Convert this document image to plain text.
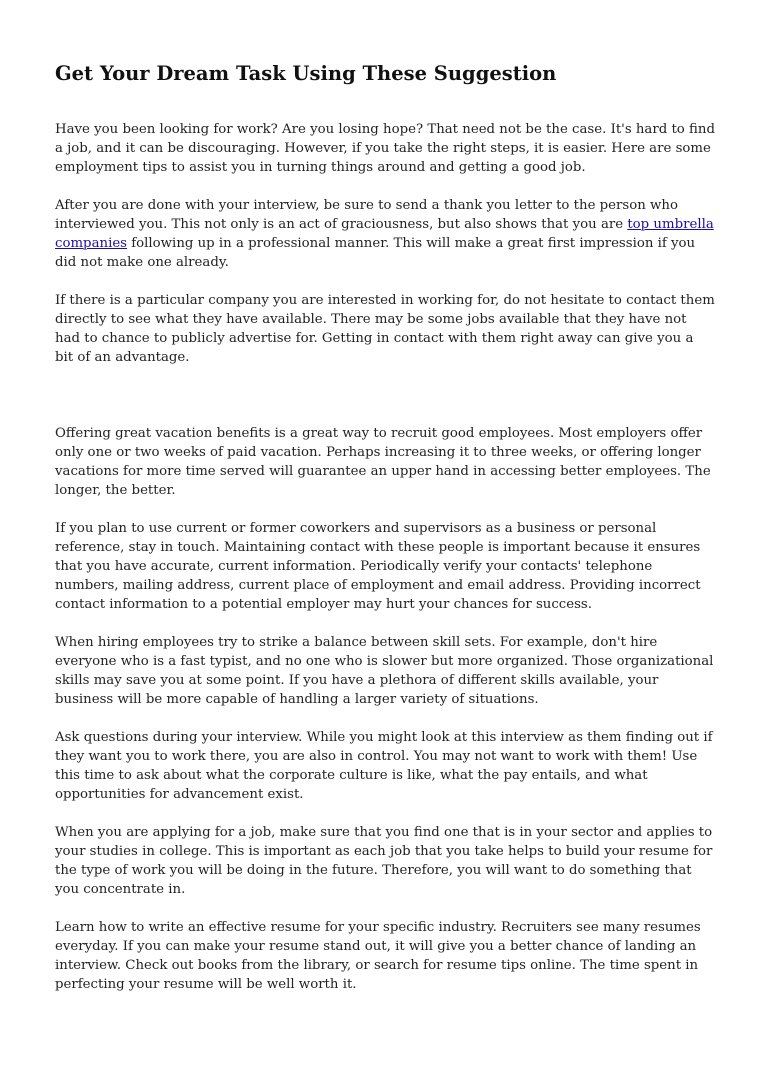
Get Your Dream Task Using These Suggestion

Have you been looking for work? Are you losing hope? That need not be the case. It's hard to find a job, and it can be discouraging. However, if you take the right steps, it is easier. Here are some employment tips to assist you in turning things around and getting a good job.

After you are done with your interview, be sure to send a thank you letter to the person who interviewed you. This not only is an act of graciousness, but also shows that you are top umbrella companies following up in a professional manner. This will make a great first impression if you did not make one already.

If there is a particular company you are interested in working for, do not hesitate to contact them directly to see what they have available. There may be some jobs available that they have not had to chance to publicly advertise for. Getting in contact with them right away can give you a bit of an advantage.

Offering great vacation benefits is a great way to recruit good employees. Most employers offer only one or two weeks of paid vacation. Perhaps increasing it to three weeks, or offering longer vacations for more time served will guarantee an upper hand in accessing better employees. The longer, the better.

If you plan to use current or former coworkers and supervisors as a business or personal reference, stay in touch. Maintaining contact with these people is important because it ensures that you have accurate, current information. Periodically verify your contacts' telephone numbers, mailing address, current place of employment and email address. Providing incorrect contact information to a potential employer may hurt your chances for success.

When hiring employees try to strike a balance between skill sets. For example, don't hire everyone who is a fast typist, and no one who is slower but more organized. Those organizational skills may save you at some point. If you have a plethora of different skills available, your business will be more capable of handling a larger variety of situations.

Ask questions during your interview. While you might look at this interview as them finding out if they want you to work there, you are also in control. You may not want to work with them! Use this time to ask about what the corporate culture is like, what the pay entails, and what opportunities for advancement exist.

When you are applying for a job, make sure that you find one that is in your sector and applies to your studies in college. This is important as each job that you take helps to build your resume for the type of work you will be doing in the future. Therefore, you will want to do something that you concentrate in.

Learn how to write an effective resume for your specific industry. Recruiters see many resumes everyday. If you can make your resume stand out, it will give you a better chance of landing an interview. Check out books from the library, or search for resume tips online. The time spent in perfecting your resume will be well worth it.
